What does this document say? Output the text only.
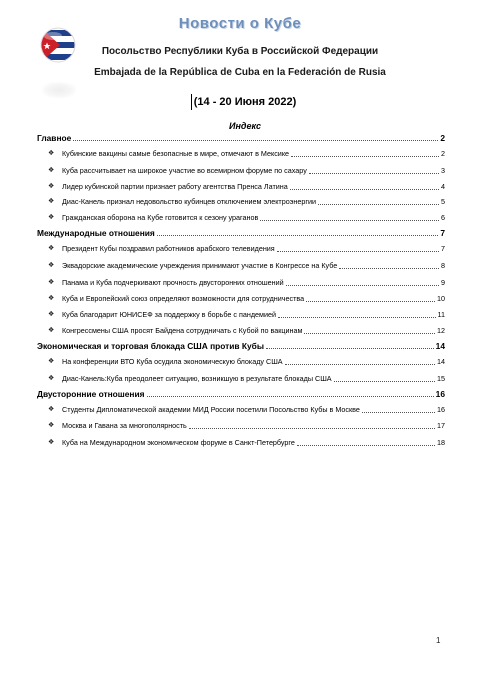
Новости о Кубе
Посольство Республики Куба в Российской Федерации
Embajada de la República de Cuba en la Federación de Rusia
(14 - 20 Июня 2022)
Индекс
Главное	2
❖ Кубинские вакцины самые безопасные в мире, отмечают в Мексике	2
❖ Куба рассчитывает на широкое участие во всемирном форуме по сахару	3
❖ Лидер кубинской партии признает работу агентства Пренса Латина	4
❖ Диас-Канель признал недовольство кубинцев отключением электроэнергии	5
❖ Гражданская оборона на Кубе готовится к сезону ураганов	6
Международные отношения	7
❖ Президент Кубы поздравил работников арабского телевидения	7
❖ Эквадорские академические учреждения принимают участие в Конгрессе на Кубе	8
❖ Панама и Куба подчеркивают прочность двусторонних отношений	9
❖ Куба и Европейский союз определяют возможности для сотрудничества	10
❖ Куба благодарит ЮНИСЕФ за поддержку в борьбе с пандемией	11
❖ Конгрессмены США просят Байдена сотрудничать с Кубой по вакцинам	12
Экономическая и торговая блокада США против Кубы	14
❖ На конференции ВТО Куба осудила экономическую блокаду США	14
❖ Диас-Канель:Куба преодолеет ситуацию, возникшую в результате блокады США	15
Двусторонние отношения	16
❖ Студенты Дипломатической академии МИД России посетили Посольство Кубы в Москве	16
❖ Москва и Гавана за многополярность	17
❖ Куба на Международном экономическом форуме в Санкт-Петербурге	18
1
